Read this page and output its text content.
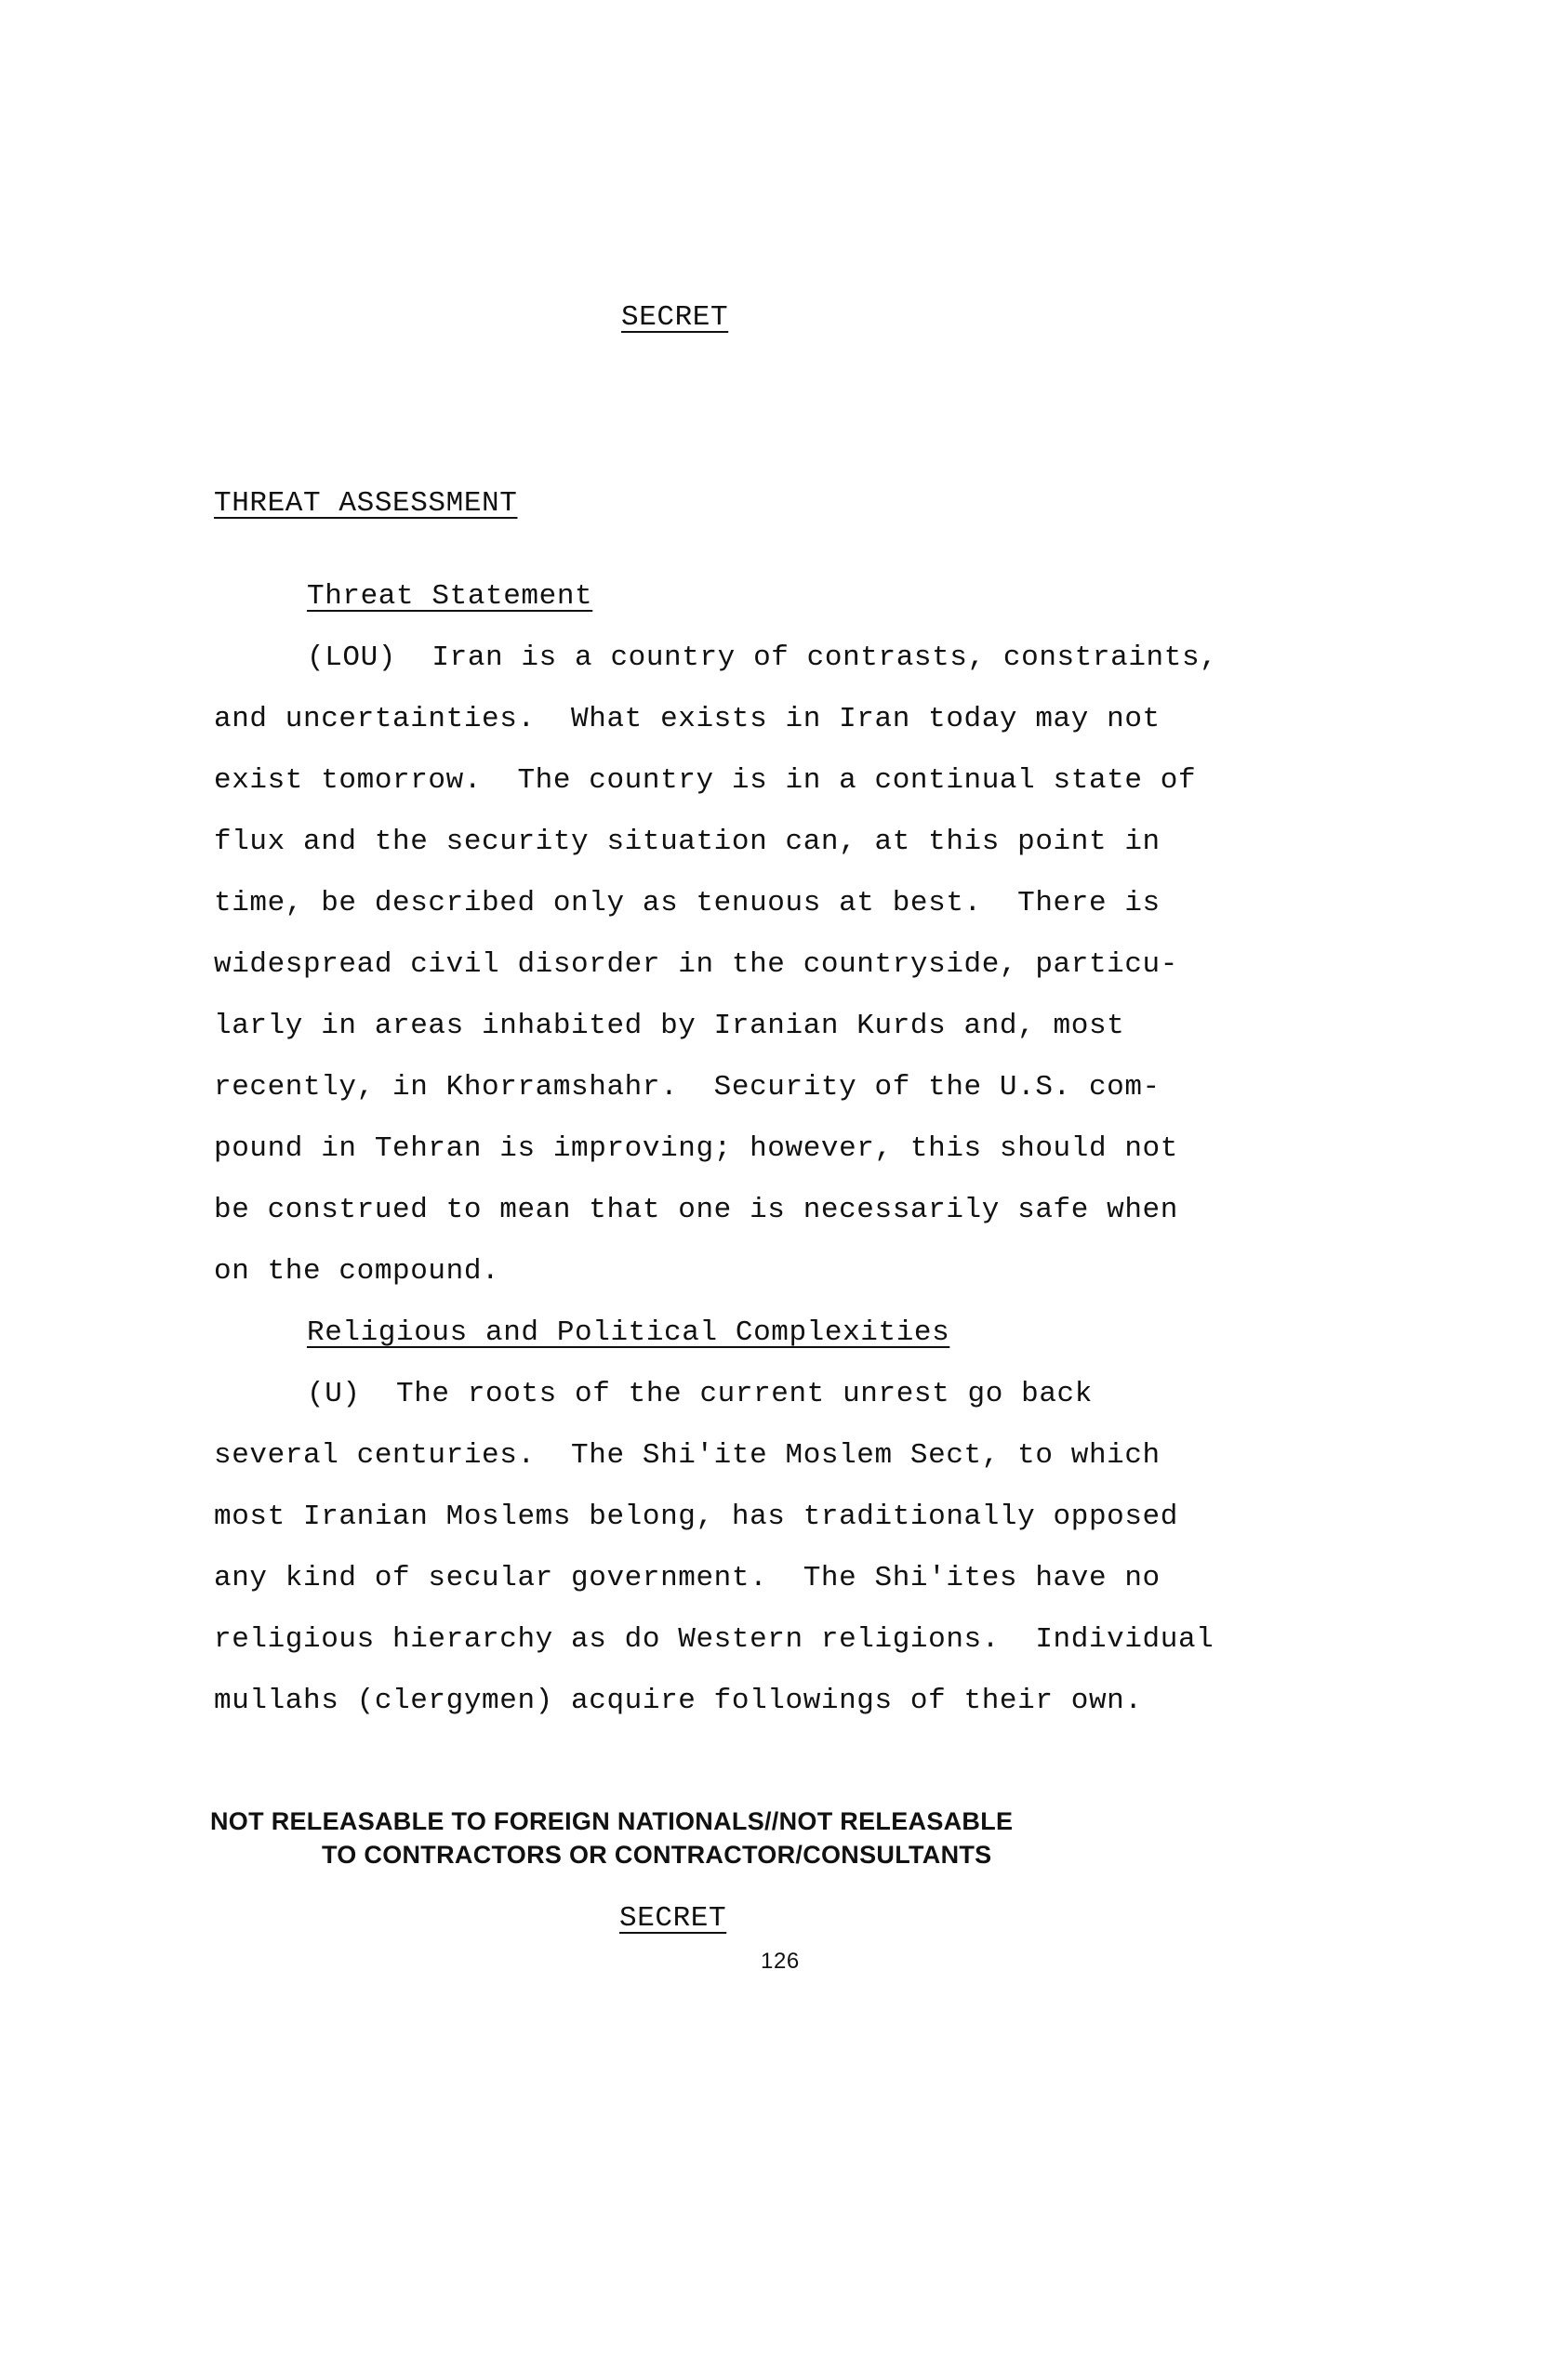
SECRET
THREAT ASSESSMENT
Threat Statement
(LOU)  Iran is a country of contrasts, constraints,
and uncertainties.  What exists in Iran today may not
exist tomorrow.  The country is in a continual state of
flux and the security situation can, at this point in
time, be described only as tenuous at best.  There is
widespread civil disorder in the countryside, particu-
larly in areas inhabited by Iranian Kurds and, most
recently, in Khorramshahr.  Security of the U.S. com-
pound in Tehran is improving; however, this should not
be construed to mean that one is necessarily safe when
on the compound.
Religious and Political Complexities
(U)  The roots of the current unrest go back
several centuries.  The Shi'ite Moslem Sect, to which
most Iranian Moslems belong, has traditionally opposed
any kind of secular government.  The Shi'ites have no
religious hierarchy as do Western religions.  Individual
mullahs (clergymen) acquire followings of their own.
NOT RELEASABLE TO FOREIGN NATIONALS//NOT RELEASABLE
TO CONTRACTORS OR CONTRACTOR/CONSULTANTS
SECRET
126
